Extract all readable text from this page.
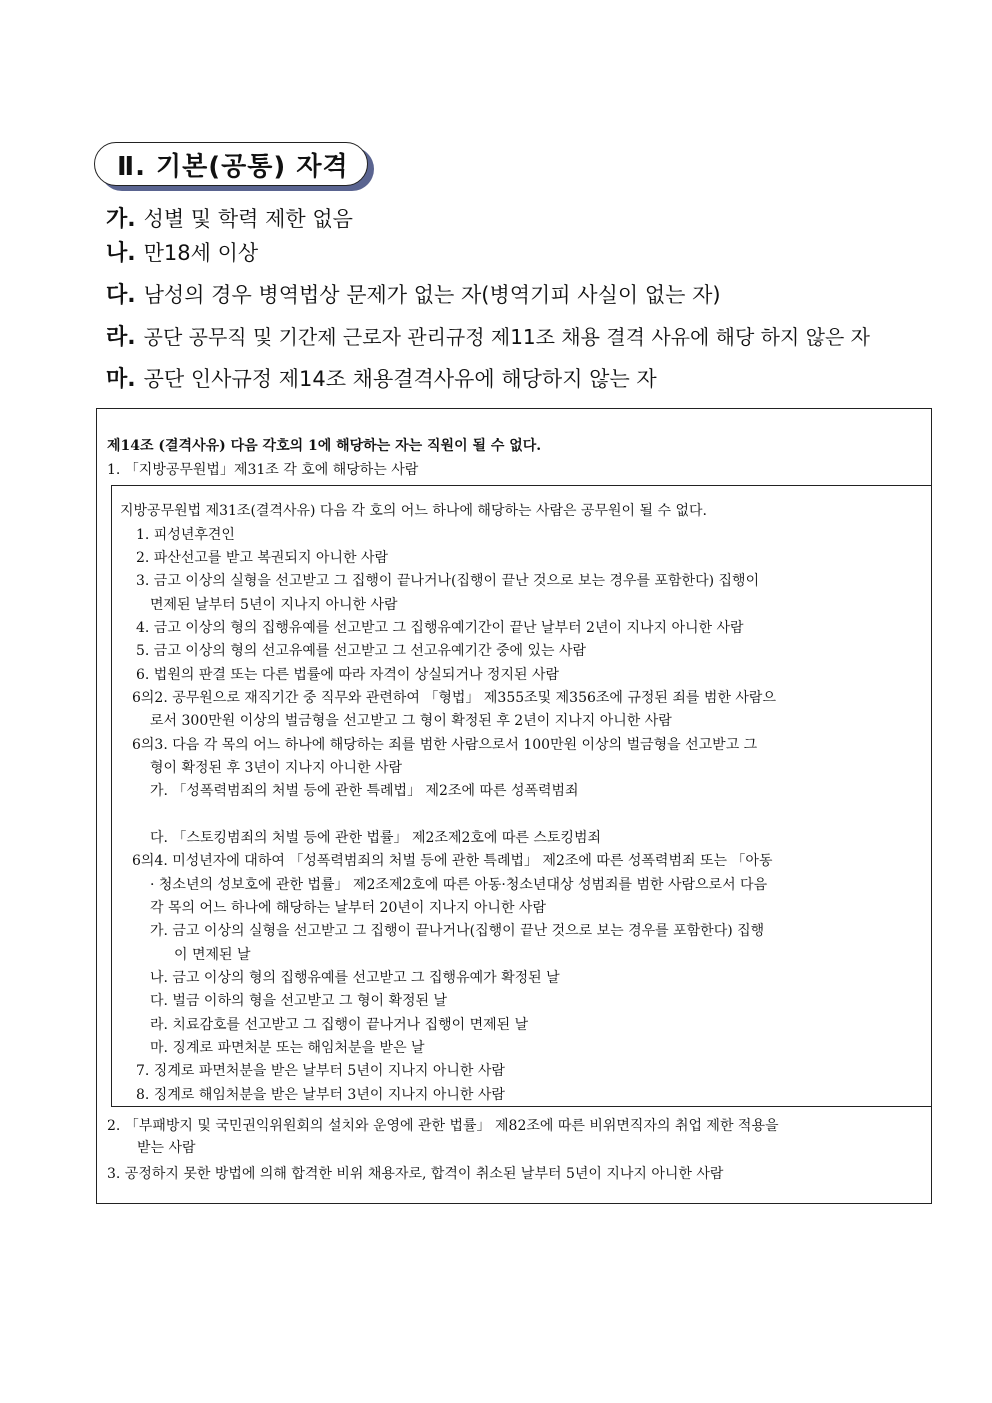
Ⅱ. 기본(공통) 자격
가. 성별 및 학력 제한 없음
나. 만18세 이상
다. 남성의 경우 병역법상 문제가 없는 자(병역기피 사실이 없는 자)
라. 공단 공무직 및 기간제 근로자 관리규정 제11조 채용 결격 사유에 해당 하지 않은 자
마. 공단 인사규정 제14조 채용결격사유에 해당하지 않는 자
제14조 (결격사유) 다음 각호의 1에 해당하는 자는 직원이 될 수 없다.
1. 「지방공무원법」제31조 각 호에 해당하는 사람
지방공무원법 제31조(결격사유) 다음 각 호의 어느 하나에 해당하는 사람은 공무원이 될 수 없다.
1. 피성년후견인
2. 파산선고를 받고 복권되지 아니한 사람
3. 금고 이상의 실형을 선고받고 그 집행이 끝나거나(집행이 끝난 것으로 보는 경우를 포함한다) 집행이
면제된 날부터 5년이 지나지 아니한 사람
4. 금고 이상의 형의 집행유예를 선고받고 그 집행유예기간이 끝난 날부터 2년이 지나지 아니한 사람
5. 금고 이상의 형의 선고유예를 선고받고 그 선고유예기간 중에 있는 사람
6. 법원의 판결 또는 다른 법률에 따라 자격이 상실되거나 정지된 사람
6의2. 공무원으로 재직기간 중 직무와 관련하여 「형법」 제355조및 제356조에 규정된 죄를 범한 사람으
로서 300만원 이상의 벌금형을 선고받고 그 형이 확정된 후 2년이 지나지 아니한 사람
6의3. 다음 각 목의 어느 하나에 해당하는 죄를 범한 사람으로서 100만원 이상의 벌금형을 선고받고 그
형이 확정된 후 3년이 지나지 아니한 사람
가. 「성폭력범죄의 처벌 등에 관한 특례법」 제2조에 따른 성폭력범죄
다. 「스토킹범죄의 처벌 등에 관한 법률」 제2조제2호에 따른 스토킹범죄
6의4. 미성년자에 대하여 「성폭력범죄의 처벌 등에 관한 특례법」 제2조에 따른 성폭력범죄 또는 「아동
· 청소년의 성보호에 관한 법률」 제2조제2호에 따른 아동·청소년대상 성범죄를 범한 사람으로서 다음
각 목의 어느 하나에 해당하는 날부터 20년이 지나지 아니한 사람
가. 금고 이상의 실형을 선고받고 그 집행이 끝나거나(집행이 끝난 것으로 보는 경우를 포함한다) 집행
이 면제된 날
나. 금고 이상의 형의 집행유예를 선고받고 그 집행유예가 확정된 날
다. 벌금 이하의 형을 선고받고 그 형이 확정된 날
라. 치료감호를 선고받고 그 집행이 끝나거나 집행이 면제된 날
마. 징계로 파면처분 또는 해임처분을 받은 날
7. 징계로 파면처분을 받은 날부터 5년이 지나지 아니한 사람
8. 징계로 해임처분을 받은 날부터 3년이 지나지 아니한 사람
2. 「부패방지 및 국민권익위원회의 설치와 운영에 관한 법률」 제82조에 따른 비위면직자의 취업 제한 적용을
받는 사람
3. 공정하지 못한 방법에 의해 합격한 비위 채용자로, 합격이 취소된 날부터 5년이 지나지 아니한 사람
